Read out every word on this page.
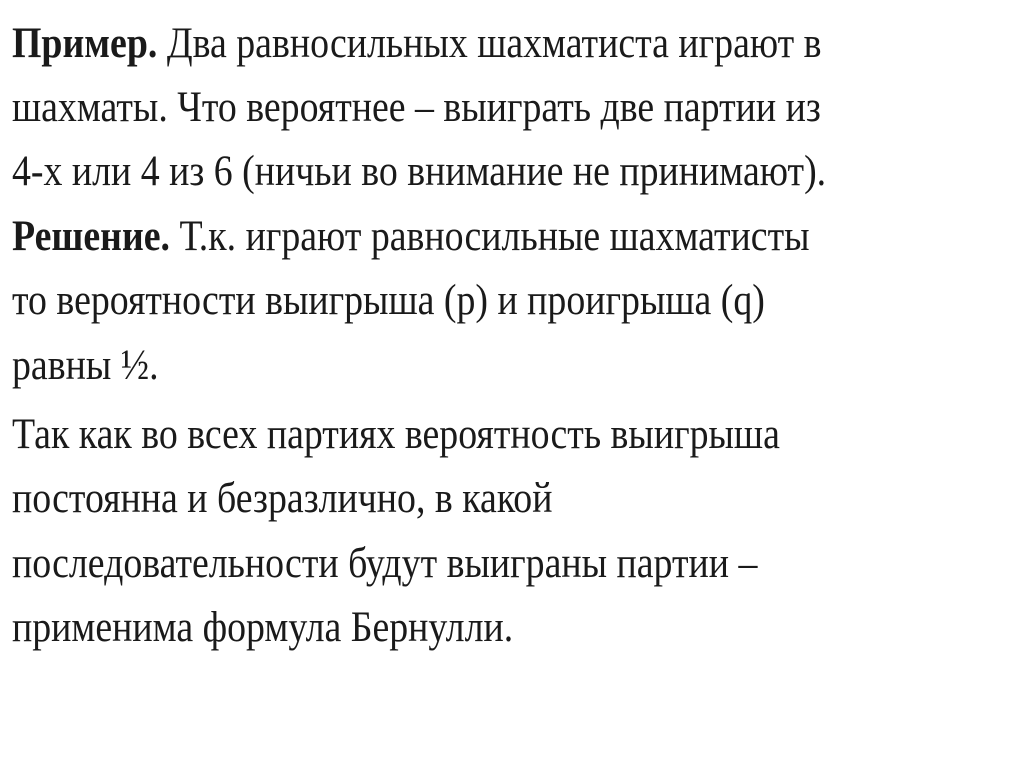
Пример. Два равносильных шахматиста играют в

шахматы. Что вероятнее – выиграть две партии из

4-х или 4 из 6 (ничьи во внимание не принимают).

Решение. Т.к. играют равносильные шахматисты

то вероятности выигрыша (p) и проигрыша (q)

равны ½.

Так как во всех партиях вероятность выигрыша

постоянна и безразлично, в какой

последовательности будут выиграны партии –

применима формула Бернулли.
